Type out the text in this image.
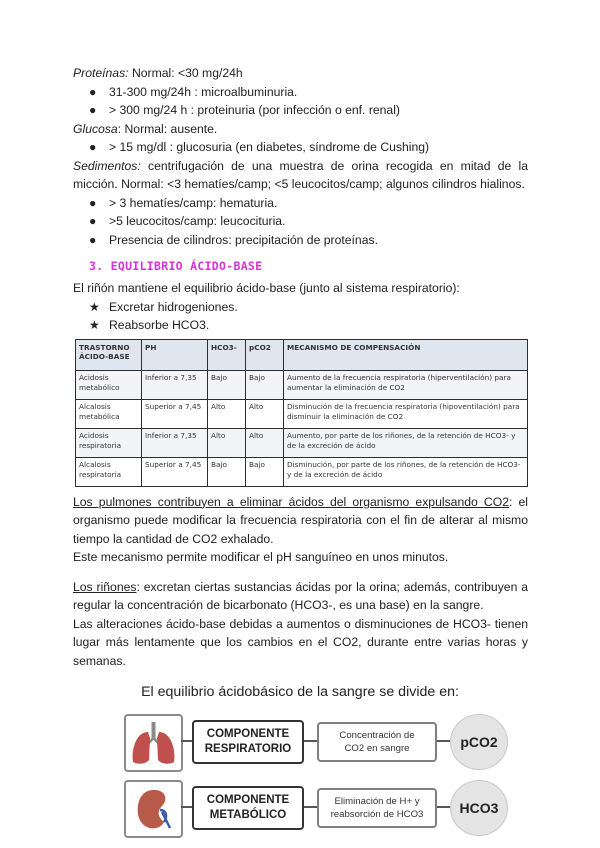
Proteínas: Normal: <30 mg/24h

●	31-300 mg/24h : microalbuminuria.
●	> 300 mg/24 h : proteinuria (por infección o enf. renal)

Glucosa: Normal: ausente.

●	> 15 mg/dl : glucosuria (en diabetes, síndrome de Cushing)

Sedimentos: centrifugación de una muestra de orina recogida en mitad de la micción. Normal: <3 hematíes/camp; <5 leucocitos/camp; algunos cilindros hialinos.

●	> 3 hematíes/camp: hematuria.
●	>5 leucocitos/camp: leucocituria.
●	Presencia de cilindros: precipitación de proteínas.
3. EQUILIBRIO ÁCIDO-BASE

El riñón mantiene el equilibrio ácido-base (junto al sistema respiratorio):

★ Excretar hidrogeniones.
★ Reabsorbe HCO3.
TRASTORNO ÁCIDO-BASE	PH	HCO3-	pCO2	MECANISMO DE COMPENSACIÓN
Acidosis metabólico	Inferior a 7,35	Bajo	Bajo	Aumento de la frecuencia respiratoria (hiperventilación) para aumentar la eliminación de CO2
Alcalosis metabólica	Superior a 7,45	Alto	Alto	Disminución de la frecuencia respiratoria (hipoventilación) para disminuir la eliminación de CO2
Acidosis respiratoria	Inferior a 7,35	Alto	Alto	Aumento, por parte de los riñones, de la retención de HCO3- y de la excreción de ácido
Alcalosis respiratoria	Superior a 7,45	Bajo	Bajo	Disminución, por parte de los riñones, de la retención de HCO3- y de la excreción de ácido

Los pulmones contribuyen a eliminar ácidos del organismo expulsando CO2: el organismo puede modificar la frecuencia respiratoria con el fin de alterar al mismo tiempo la cantidad de CO2 exhalado.

Este mecanismo permite modificar el pH sanguíneo en unos minutos.

Los riñones: excretan ciertas sustancias ácidas por la orina; además, contribuyen a regular la concentración de bicarbonato (HCO3-, es una base) en la sangre.

Las alteraciones ácido-base debidas a aumentos o disminuciones de HCO3- tienen lugar más lentamente que los cambios en el CO2, durante entre varias horas y semanas.

El equilibrio ácidobásico de la sangre se divide en:
COMPONENTE
RESPIRATORIO
Concentración de
CO2 en sangre	pCO2
COMPONENTE
METABÓLICO
Eliminación de H+ y
reabsorción de HCO3	HCO3
